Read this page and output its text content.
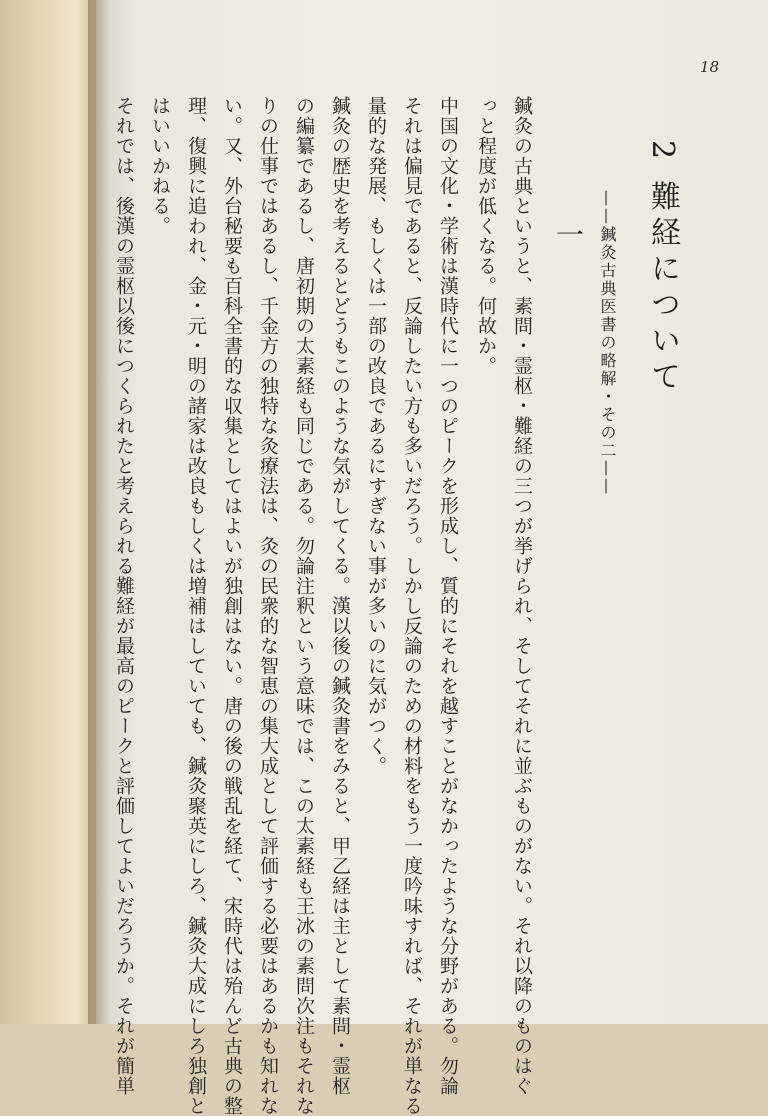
18
2 難経について
——鍼灸古典医書の略解・その二——
一
鍼灸の古典というと、素問・霊枢・難経の三つが挙げられ、そしてそれに並ぶものがない。それ以降のものはぐ
っと程度が低くなる。何故か。
中国の文化・学術は漢時代に一つのピークを形成し、質的にそれを越すことがなかったような分野がある。勿論
それは偏見であると、反論したい方も多いだろう。しかし反論のための材料をもう一度吟味すれば、それが単なる
量的な発展、もしくは一部の改良であるにすぎない事が多いのに気がつく。
鍼灸の歴史を考えるとどうもこのような気がしてくる。漢以後の鍼灸書をみると、甲乙経は主として素問・霊枢
の編纂であるし、唐初期の太素経も同じである。勿論注釈という意味では、この太素経も王冰の素問次注もそれな
りの仕事ではあるし、千金方の独特な灸療法は、灸の民衆的な智恵の集大成として評価する必要はあるかも知れな
い。又、外台秘要も百科全書的な収集としてはよいが独創はない。唐の後の戦乱を経て、宋時代は殆んど古典の整
理、復興に追われ、金・元・明の諸家は改良もしくは増補はしていても、鍼灸聚英にしろ、鍼灸大成にしろ独創と
はいいかねる。
それでは、後漢の霊枢以後につくられたと考えられる難経が最高のピークと評価してよいだろうか。それが簡単
